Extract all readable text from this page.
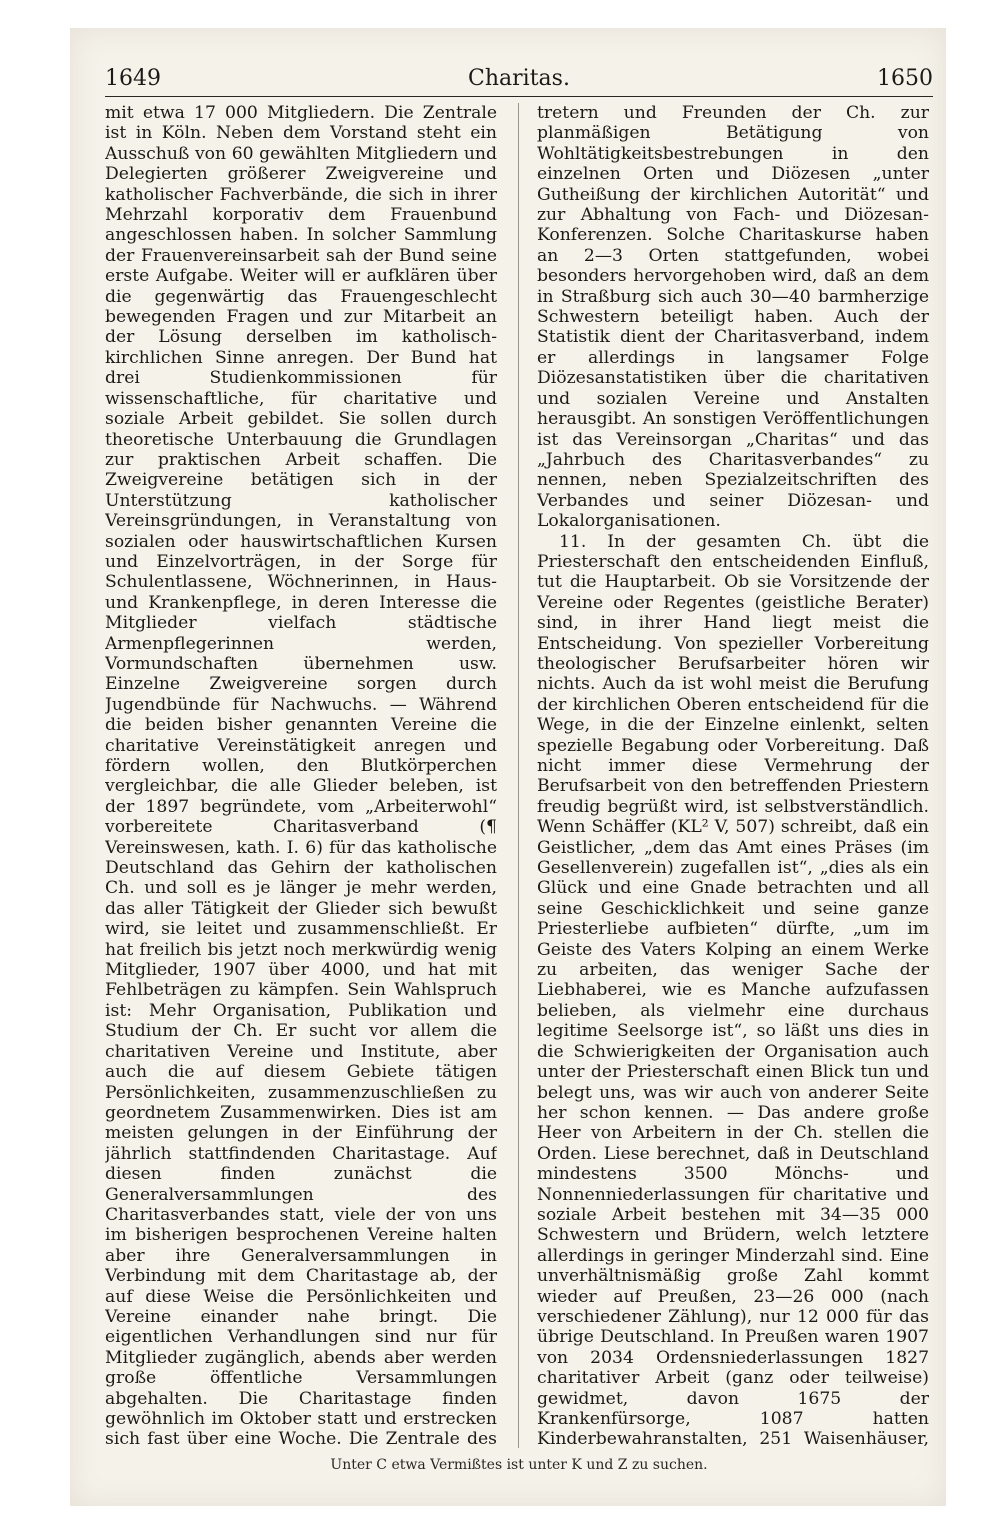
1649	Charitas.	1650

mit etwa 17 000 Mitgliedern. Die Zentrale ist in Köln. Neben dem Vorstand steht ein Ausschuß von 60 gewählten Mitgliedern und Delegierten größerer Zweigvereine und katholischer Fachverbände, die sich in ihrer Mehrzahl korporativ dem Frauenbund angeschlossen haben. In solcher Sammlung der Frauenvereinsarbeit sah der Bund seine erste Aufgabe. Weiter will er aufklären über die gegenwärtig das Frauengeschlecht bewegenden Fragen und zur Mitarbeit an der Lösung derselben im katholisch-kirchlichen Sinne anregen. Der Bund hat drei Studienkommissionen für wissenschaftliche, für charitative und soziale Arbeit gebildet. Sie sollen durch theoretische Unterbauung die Grundlagen zur praktischen Arbeit schaffen. Die Zweigvereine betätigen sich in der Unterstützung katholischer Vereinsgründungen, in Veranstaltung von sozialen oder hauswirtschaftlichen Kursen und Einzelvorträgen, in der Sorge für Schulentlassene, Wöchnerinnen, in Haus- und Krankenpflege, in deren Interesse die Mitglieder vielfach städtische Armenpflegerinnen werden, Vormundschaften übernehmen usw. Einzelne Zweigvereine sorgen durch Jugendbünde für Nachwuchs. — Während die beiden bisher genannten Vereine die charitative Vereinstätigkeit anregen und fördern wollen, den Blutkörperchen vergleichbar, die alle Glieder beleben, ist der 1897 begründete, vom „Arbeiterwohl“ vorbereitete Charitasverband (¶ Vereinswesen, kath. I. 6) für das katholische Deutschland das Gehirn der katholischen Ch. und soll es je länger je mehr werden, das aller Tätigkeit der Glieder sich bewußt wird, sie leitet und zusammenschließt. Er hat freilich bis jetzt noch merkwürdig wenig Mitglieder, 1907 über 4000, und hat mit Fehlbeträgen zu kämpfen. Sein Wahlspruch ist: Mehr Organisation, Publikation und Studium der Ch. Er sucht vor allem die charitativen Vereine und Institute, aber auch die auf diesem Gebiete tätigen Persönlichkeiten, zusammenzuschließen zu geordnetem Zusammenwirken. Dies ist am meisten gelungen in der Einführung der jährlich stattfindenden Charitastage. Auf diesen finden zunächst die Generalversammlungen des Charitasverbandes statt, viele der von uns im bisherigen besprochenen Vereine halten aber ihre Generalversammlungen in Verbindung mit dem Charitastage ab, der auf diese Weise die Persönlichkeiten und Vereine einander nahe bringt. Die eigentlichen Verhandlungen sind nur für Mitglieder zugänglich, abends aber werden große öffentliche Versammlungen abgehalten. Die Charitastage finden gewöhnlich im Oktober statt und erstrecken sich fast über eine Woche. Die Zentrale des

tretern und Freunden der Ch. zur planmäßigen Betätigung von Wohltätigkeitsbestrebungen in den einzelnen Orten und Diözesen „unter Gutheißung der kirchlichen Autorität“ und zur Abhaltung von Fach- und Diözesan-Konferenzen. Solche Charitaskurse haben an 2—3 Orten stattgefunden, wobei besonders hervorgehoben wird, daß an dem in Straßburg sich auch 30—40 barmherzige Schwestern beteiligt haben. Auch der Statistik dient der Charitasverband, indem er allerdings in langsamer Folge Diözesanstatistiken über die charitativen und sozialen Vereine und Anstalten herausgibt. An sonstigen Veröffentlichungen ist das Vereinsorgan „Charitas“ und das „Jahrbuch des Charitasverbandes“ zu nennen, neben Spezialzeitschriften des Verbandes und seiner Diözesan- und Lokalorganisationen.

11. In der gesamten Ch. übt die Priesterschaft den entscheidenden Einfluß, tut die Hauptarbeit. Ob sie Vorsitzende der Vereine oder Regentes (geistliche Berater) sind, in ihrer Hand liegt meist die Entscheidung. Von spezieller Vorbereitung theologischer Berufsarbeiter hören wir nichts. Auch da ist wohl meist die Berufung der kirchlichen Oberen entscheidend für die Wege, in die der Einzelne einlenkt, selten spezielle Begabung oder Vorbereitung. Daß nicht immer diese Vermehrung der Berufsarbeit von den betreffenden Priestern freudig begrüßt wird, ist selbstverständlich. Wenn Schäffer (KL² V, 507) schreibt, daß ein Geistlicher, „dem das Amt eines Präses (im Gesellenverein) zugefallen ist“, „dies als ein Glück und eine Gnade betrachten und all seine Geschicklichkeit und seine ganze Priesterliebe aufbieten“ dürfte, „um im Geiste des Vaters Kolping an einem Werke zu arbeiten, das weniger Sache der Liebhaberei, wie es Manche aufzufassen belieben, als vielmehr eine durchaus legitime Seelsorge ist“, so läßt uns dies in die Schwierigkeiten der Organisation auch unter der Priesterschaft einen Blick tun und belegt uns, was wir auch von anderer Seite her schon kennen. — Das andere große Heer von Arbeitern in der Ch. stellen die Orden. Liese berechnet, daß in Deutschland mindestens 3500 Mönchs- und Nonnenniederlassungen für charitative und soziale Arbeit bestehen mit 34—35 000 Schwestern und Brüdern, welch letztere allerdings in geringer Minderzahl sind. Eine unverhältnismäßig große Zahl kommt wieder auf Preußen, 23—26 000 (nach verschiedener Zählung), nur 12 000 für das übrige Deutschland. In Preußen waren 1907 von 2034 Ordensniederlassungen 1827 charitativer Arbeit (ganz oder teilweise) gewidmet, davon 1675 der Krankenfürsorge, 1087 hatten Kinderbewahranstalten, 251 Waisenhäuser,

Unter C etwa Vermißtes ist unter K und Z zu suchen.
